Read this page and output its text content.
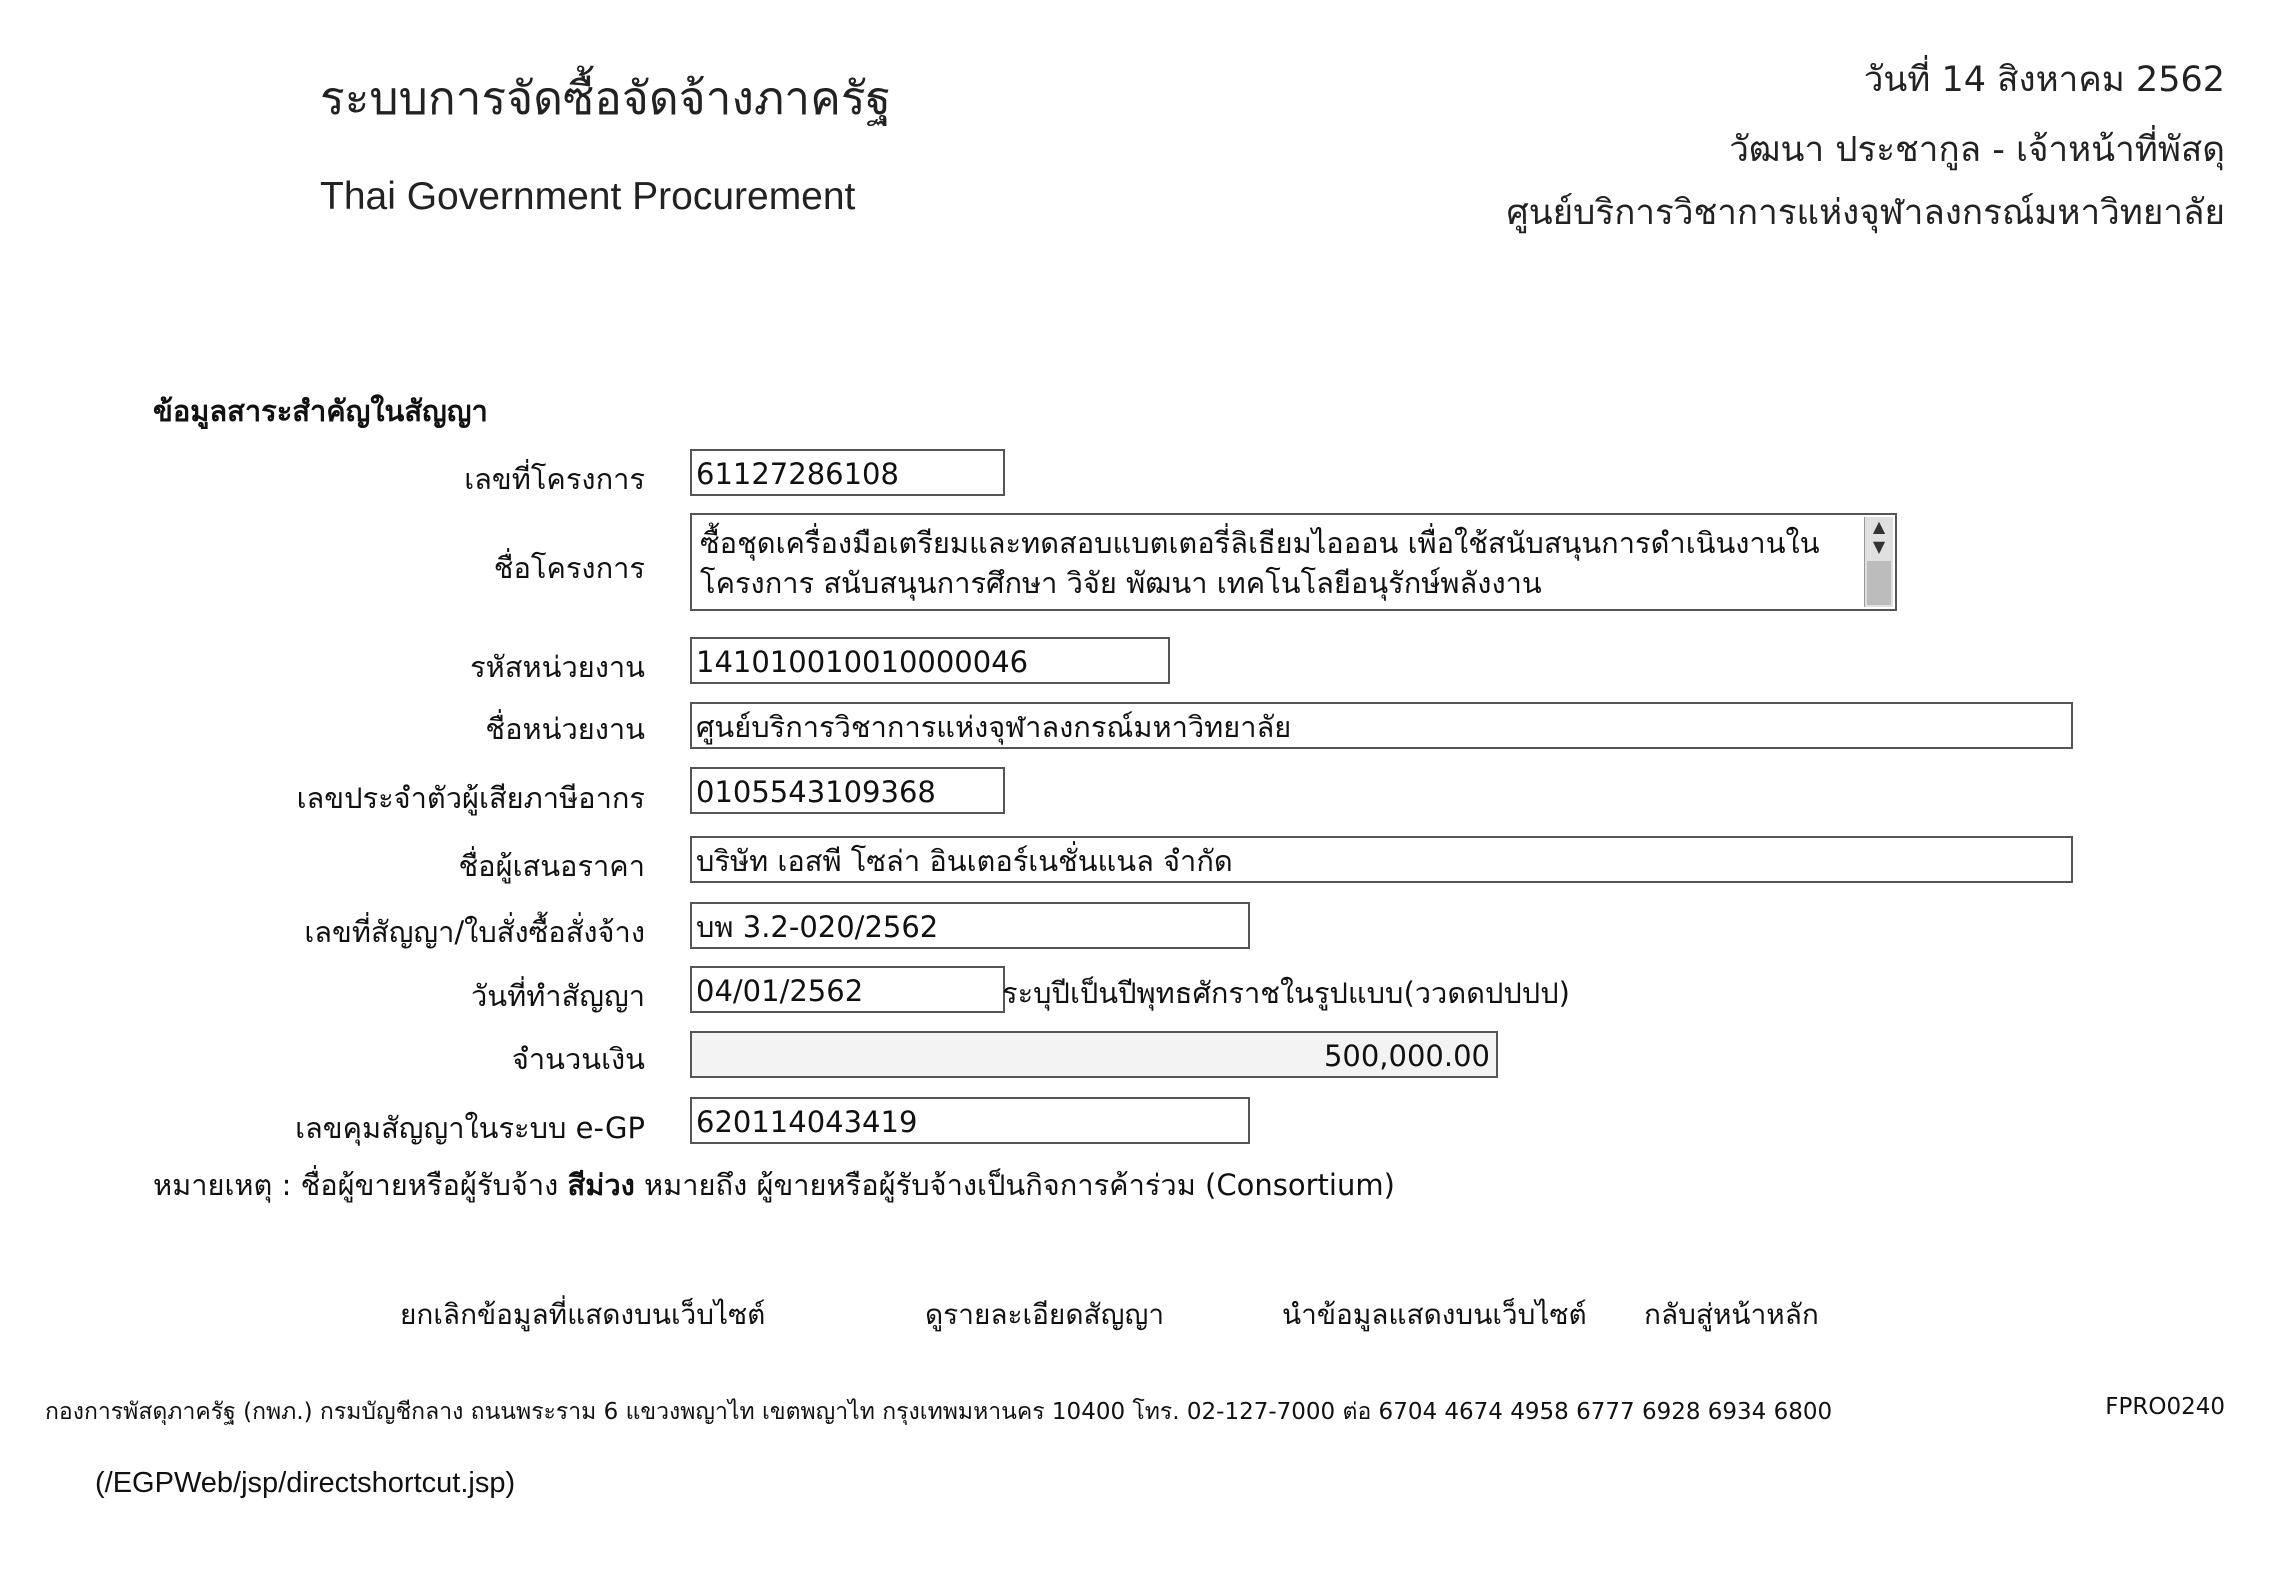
ระบบการจัดซื้อจัดจ้างภาครัฐ
Thai Government Procurement
วันที่ 14 สิงหาคม 2562
วัฒนา ประชากูล - เจ้าหน้าที่พัสดุ
ศูนย์บริการวิชาการแห่งจุฬาลงกรณ์มหาวิทยาลัย
ข้อมูลสาระสำคัญในสัญญา
เลขที่โครงการ 61127286108
ชื่อโครงการ
ซื้อชุดเครื่องมือเตรียมและทดสอบแบตเตอรี่ลิเธียมไอออน เพื่อใช้สนับสนุนการดำเนินงานในโครงการ สนับสนุนการศึกษา วิจัย พัฒนา เทคโนโลยีอนุรักษ์พลังงาน
▲
▼
รหัสหน่วยงาน 141010010010000046
ชื่อหน่วยงาน ศูนย์บริการวิชาการแห่งจุฬาลงกรณ์มหาวิทยาลัย
เลขประจำตัวผู้เสียภาษีอากร 0105543109368
ชื่อผู้เสนอราคา บริษัท เอสพี โซล่า อินเตอร์เนชั่นแนล จำกัด
เลขที่สัญญา/ใบสั่งซื้อสั่งจ้าง บพ 3.2-020/2562
วันที่ทำสัญญา 04/01/2562	ระบุปีเป็นปีพุทธศักราชในรูปแบบ(ววดดปปปป)
จำนวนเงิน	500,000.00
เลขคุมสัญญาในระบบ e-GP 620114043419
หมายเหตุ : ชื่อผู้ขายหรือผู้รับจ้าง สีม่วง หมายถึง ผู้ขายหรือผู้รับจ้างเป็นกิจการค้าร่วม (Consortium)
ยกเลิกข้อมูลที่แสดงบนเว็บไซต์	ดูรายละเอียดสัญญา	นำข้อมูลแสดงบนเว็บไซต์ กลับสู่หน้าหลัก
กองการพัสดุภาครัฐ (กพภ.) กรมบัญชีกลาง ถนนพระราม 6 แขวงพญาไท เขตพญาไท กรุงเทพมหานคร 10400 โทร. 02-127-7000 ต่อ 6704 4674 4958 6777 6928 6934 6800	FPRO0240
(/EGPWeb/jsp/directshortcut.jsp)
